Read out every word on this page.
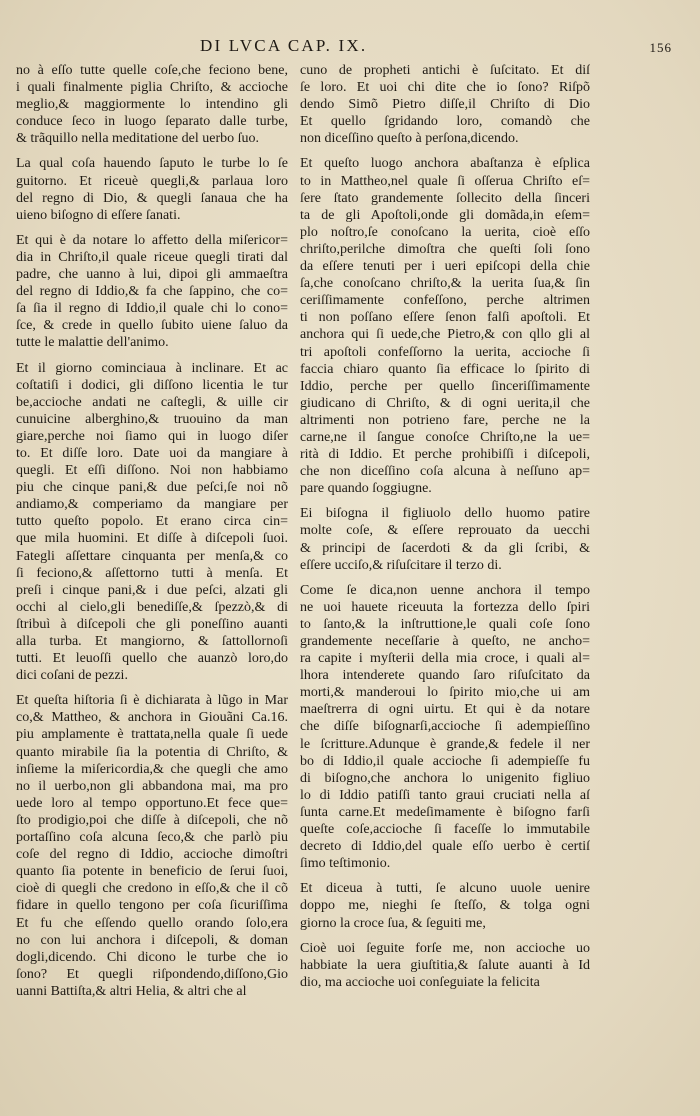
DI LVCA CAP. IX.	156
no à eſſo tutte quelle coſe,che feciono bene,
i quali finalmente piglia Chriſto, & accioche
meglio,& maggiormente lo intendino gli
conduce ſeco in luogo ſeparato dalle turbe,
& trãquillo nella meditatione del uerbo ſuo.
La qual coſa hauendo ſaputo le turbe lo ſe
guitorno. Et riceuè quegli,& parlaua loro
del regno di Dio, & quegli ſanaua che ha
uieno biſogno di eſſere ſanati.
Et qui è da notare lo affetto della miſericor=
dia in Chriſto,il quale riceue quegli tirati dal
padre, che uanno à lui, dipoi gli ammaeſtra
del regno di Iddio,& fa che ſappino, che co=
ſa ſia il regno di Iddio,il quale chi lo cono=
ſce, & crede in quello ſubito uiene ſaluo da
tutte le malattie dell'animo.
Et il giorno cominciaua à inclinare. Et ac
coſtatiſi i dodici, gli diſſono licentia le tur
be,accioche andati ne caſtegli, & uille cir
cunuicine alberghino,& truouino da man
giare,perche noi ſiamo qui in luogo diſer
to. Et diſſe loro. Date uoi da mangiare à
quegli. Et eſſi diſſono. Noi non habbiamo
piu che cinque pani,& due peſci,ſe noi nõ
andiamo,& comperiamo da mangiare per
tutto queſto popolo. Et erano circa cin=
que mila huomini. Et diſſe à diſcepoli ſuoi.
Fategli aſſettare cinquanta per menſa,& co
ſi feciono,& aſſettorno tutti à menſa. Et
preſi i cinque pani,& i due peſci, alzati gli
occhi al cielo,gli benediſſe,& ſpezzò,& di
ſtribuì à diſcepoli che gli poneſſino auanti
alla turba. Et mangiorno, & ſattollornoſi
tutti. Et leuoſſi quello che auanzò loro,do
dici coſani de pezzi.
Et queſta hiſtoria ſi è dichiarata à lũgo in Mar
co,& Mattheo, & anchora in Giouãni Ca.16.
piu amplamente è trattata,nella quale ſi uede
quanto mirabile ſia la potentia di Chriſto, &
inſieme la miſericordia,& che quegli che amo
no il uerbo,non gli abbandona mai, ma pro
uede loro al tempo opportuno.Et fece que=
ſto prodigio,poi che diſſe à diſcepoli, che nõ
portaſſino coſa alcuna ſeco,& che parlò piu
coſe del regno di Iddio, accioche dimoſtri
quanto ſia potente in beneficio de ſerui ſuoi,
cioè di quegli che credono in eſſo,& che il cõ
fidare in quello tengono per coſa ſicuriſſima
Et fu che eſſendo quello orando ſolo,era
no con lui anchora i diſcepoli, & doman
dogli,dicendo. Chi dicono le turbe che io
ſono? Et quegli riſpondendo,diſſono,Gio
uanni Battiſta,& altri Helia, & altri che al
cuno de propheti antichi è ſuſcitato. Et diſ
ſe loro. Et uoi chi dite che io ſono? Riſpõ
dendo Simõ Pietro diſſe,il Chriſto di Dio
Et quello ſgridando loro, comandò che
non diceſſino queſto à perſona,dicendo.
Et queſto luogo anchora abaſtanza è eſplica
to in Mattheo,nel quale ſi oſſerua Chriſto eſ=
ſere ſtato grandemente ſollecito della ſinceri
ta de gli Apoſtoli,onde gli domãda,in eſem=
plo noſtro,ſe conoſcano la uerita, cioè eſſo
chriſto,perilche dimoſtra che queſti ſoli ſono
da eſſere tenuti per i ueri epiſcopi della chie
ſa,che conoſcano chriſto,& la uerita ſua,& ſin
ceriſſimamente confeſſono, perche altrimen
ti non poſſano eſſere ſenon falſi apoſtoli. Et
anchora qui ſi uede,che Pietro,& con qllo gli al
tri apoſtoli confeſſorno la uerita, accioche ſi
faccia chiaro quanto ſia efficace lo ſpirito di
Iddio, perche per quello ſinceriſſimamente
giudicano di Chriſto, & di ogni uerita,il che
altrimenti non potrieno fare, perche ne la
carne,ne il ſangue conoſce Chriſto,ne la ue=
rità di Iddio. Et perche prohibiſſi i diſcepoli,
che non diceſſino coſa alcuna à neſſuno ap=
pare quando ſoggiugne.
Ei biſogna il figliuolo dello huomo patire
molte coſe, & eſſere reprouato da uecchi
& principi de ſacerdoti & da gli ſcribi, &
eſſere ucciſo,& riſuſcitare il terzo di.
Come ſe dica,non uenne anchora il tempo
ne uoi hauete riceuuta la fortezza dello ſpiri
to ſanto,& la inſtruttione,le quali coſe ſono
grandemente neceſſarie à queſto, ne ancho=
ra capite i myſterii della mia croce, i quali al=
lhora intenderete quando ſaro riſuſcitato da
morti,& manderoui lo ſpirito mio,che ui am
maeſtrerra di ogni uirtu. Et qui è da notare
che diſſe biſognarſi,accioche ſi adempieſſino
le ſcritture.Adunque è grande,& fedele il ner
bo di Iddio,il quale accioche ſi adempieſſe fu
di biſogno,che anchora lo unigenito figliuo
lo di Iddio patiſſi tanto graui cruciati nella aſ
ſunta carne.Et medeſimamente è biſogno farſi
queſte coſe,accioche ſi faceſſe lo immutabile
decreto di Iddio,del quale eſſo uerbo è certiſ
ſimo teſtimonio.
Et diceua à tutti, ſe alcuno uuole uenire
doppo me, nieghi ſe ſteſſo, & tolga ogni
giorno la croce ſua, & ſeguiti me,
Cioè uoi ſeguite forſe me, non accioche uo
habbiate la uera giuſtitia,& ſalute auanti à Id
dio, ma accioche uoi conſeguiate la felicita
